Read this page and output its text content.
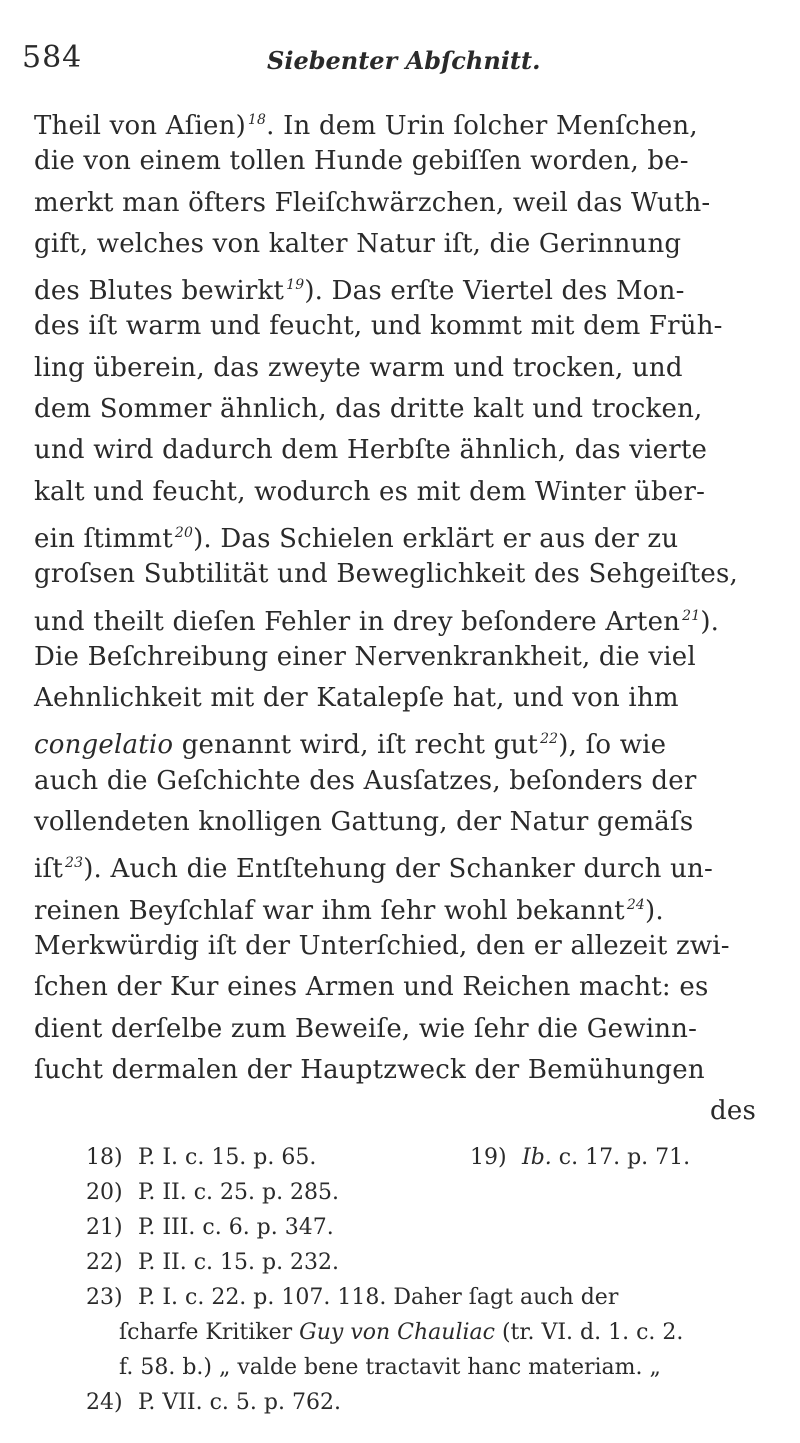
584	Siebenter Abſchnitt.
Theil von Aſien) $^{18}$. In dem Urin ſolcher Menſchen,
die von einem tollen Hunde gebiſſen worden, be-
merkt man öfters Fleiſchwärzchen, weil das Wuth-
gift, welches von kalter Natur iſt, die Gerinnung
des Blutes bewirkt $^{19}$). Das erſte Viertel des Mon-
des iſt warm und feucht, und kommt mit dem Früh-
ling überein, das zweyte warm und trocken, und
dem Sommer ähnlich, das dritte kalt und trocken,
und wird dadurch dem Herbſte ähnlich, das vierte
kalt und feucht, wodurch es mit dem Winter über-
ein ſtimmt $^{20}$). Das Schielen erklärt er aus der zu
groſsen Subtilität und Beweglichkeit des Sehgeiſtes,
und theilt dieſen Fehler in drey beſondere Arten $^{21}$).
Die Beſchreibung einer Nervenkrankheit, die viel
Aehnlichkeit mit der Katalepſe hat, und von ihm
congelatio genannt wird, iſt recht gut $^{22}$), ſo wie
auch die Geſchichte des Ausſatzes, beſonders der
vollendeten knolligen Gattung, der Natur gemäſs
iſt $^{23}$). Auch die Entſtehung der Schanker durch un-
reinen Beyſchlaf war ihm ſehr wohl bekannt $^{24}$).
Merkwürdig iſt der Unterſchied, den er allezeit zwi-
ſchen der Kur eines Armen und Reichen macht: es
dient derſelbe zum Beweiſe, wie ſehr die Gewinn-
ſucht dermalen der Hauptzweck der Bemühungen
des
18) P. I. c. 15. p. 65.	19) Ib. c. 17. p. 71.
20) P. II. c. 25. p. 285.
21) P. III. c. 6. p. 347.
22) P. II. c. 15. p. 232.
23) P. I. c. 22. p. 107. 118. Daher ſagt auch der
ſcharfe Kritiker Guy von Chauliac (tr. VI. d. 1. c. 2.
f. 58. b.) „ valde bene tractavit hanc materiam. „
24) P. VII. c. 5. p. 762.
